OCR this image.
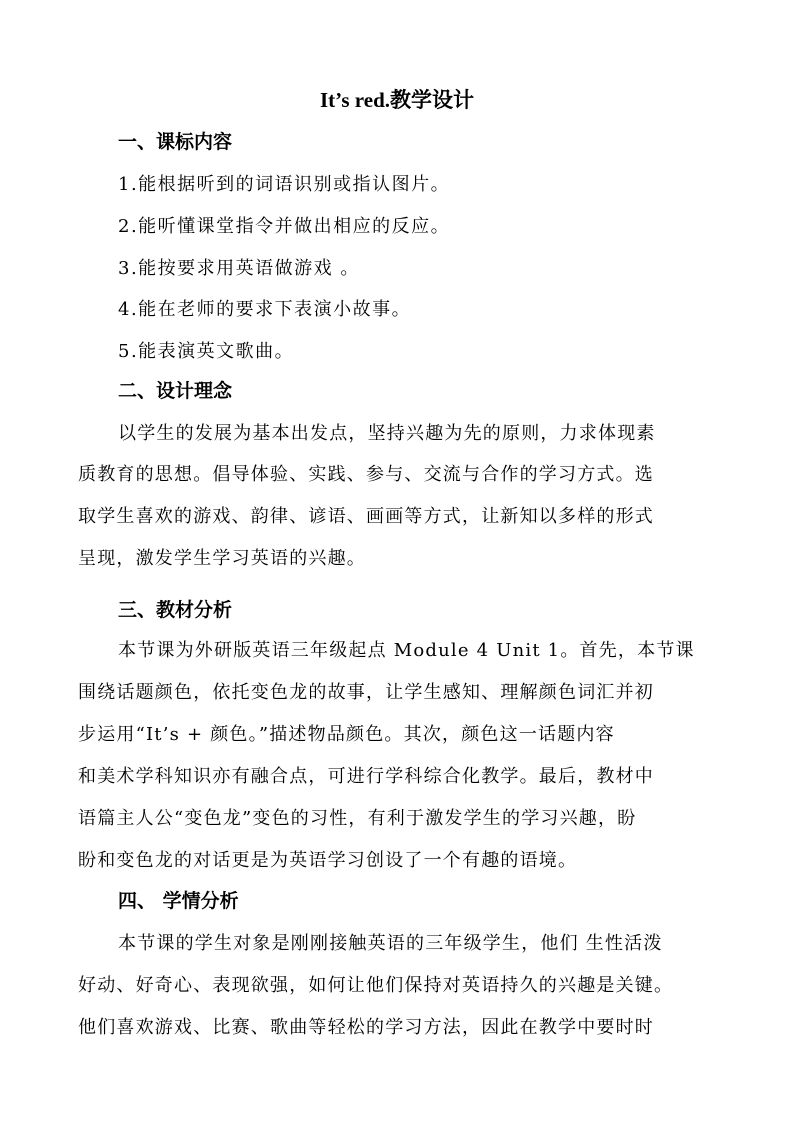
It’s red.教学设计
一、课标内容
1.能根据听到的词语识别或指认图片。
2.能听懂课堂指令并做出相应的反应。
3.能按要求用英语做游戏 。
4.能在老师的要求下表演小故事。
5.能表演英文歌曲。
二、设计理念
以学生的发展为基本出发点，坚持兴趣为先的原则，力求体现素
质教育的思想。倡导体验、实践、参与、交流与合作的学习方式。选
取学生喜欢的游戏、韵律、谚语、画画等方式，让新知以多样的形式
呈现，激发学生学习英语的兴趣。
三、教材分析
本节课为外研版英语三年级起点 Module 4 Unit 1。首先，本节课
围绕话题颜色，依托变色龙的故事，让学生感知、理解颜色词汇并初
步运用“It’s + 颜色。”描述物品颜色。其次，颜色这一话题内容
和美术学科知识亦有融合点，可进行学科综合化教学。最后，教材中
语篇主人公“变色龙”变色的习性，有利于激发学生的学习兴趣，盼
盼和变色龙的对话更是为英语学习创设了一个有趣的语境。
四、 学情分析
本节课的学生对象是刚刚接触英语的三年级学生，他们 生性活泼
好动、好奇心、表现欲强，如何让他们保持对英语持久的兴趣是关键。
他们喜欢游戏、比赛、歌曲等轻松的学习方法，因此在教学中要时时
